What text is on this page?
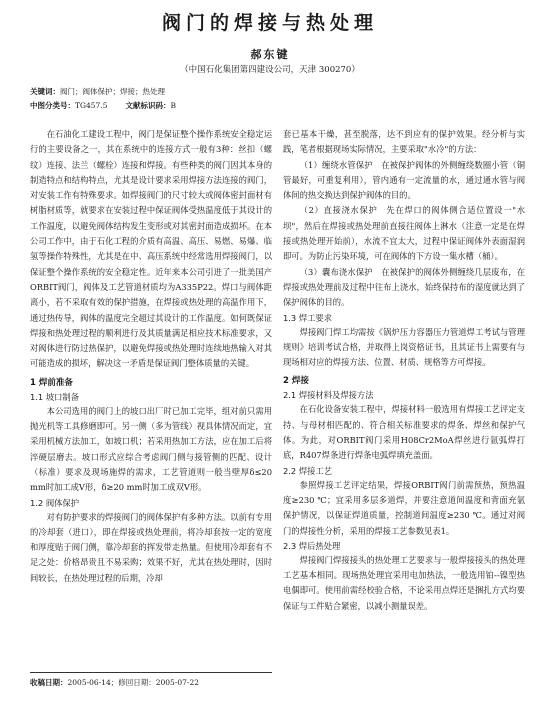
阀门的焊接与热处理
郝东键
（中国石化集团第四建设公司，天津 300270）
关键词：阀门；阀体保护；焊接；热处理
中图分类号：TG457.5 文献标识码：B

在石油化工建设工程中，阀门是保证整个操作系统安全稳定运行的主要设备之一，其在系统中的连接方式一般有3种：丝扣（螺纹）连接、法兰（螺栓）连接和焊接。有些种类的阀门因其本身的制造特点和结构特点，尤其是设计要求采用焊接方法连接的阀门，对安装工作有特殊要求。如焊接阀门的尺寸较大或阀体密封面材有树脂材质等，就要求在安装过程中保证阀体受热温度低于其设计的工作温度，以避免阀体结构发生变形或对其密封面造成损坏。在本公司工作中，由于石化工程的介质有高温、高压、易燃、易爆、临氢等操作特殊性，尤其是在中、高压系统中经常选用焊接阀门，以保证整个操作系统的安全稳定性。近年来本公司引进了一批美国产ORBIT阀门，阀体及工艺管道材质均为A335P22。焊口与阀体距离小，若不采取有效的保护措施，在焊接或热处理的高温作用下，通过热传导，阀体的温度完全超过其设计的工作温度。如何既保证焊接和热处理过程的顺利进行及其质量满足相应技术标准要求，又对阀体进行防过热保护，以避免焊接或热处理时连续地热输入对其可能造成的损坏，解决这一矛盾是保证阀门整体质量的关键。

1 焊前准备
1.1 坡口制备

本公司选用的阀门上的坡口出厂时已加工完毕，组对前只需用抛光机等工具修磨即可。另一侧（多为管线）视具体情况而定，宜采用机械方法加工，如坡口机；若采用热加工方法，应在加工后将淬硬层磨去。坡口形式应综合考虑阀门侧与接管侧的匹配、设计（标准）要求及现场施焊的需求，工艺管道则一般当壁厚δ≤20 mm时加工成V形，δ≥20 mm时加工成双V形。

1.2 阀体保护

对有防护要求的焊接阀门的阀体保护有多种方法。以前有专用的冷却套（进口），即在焊接或热处理前，将冷却套按一定的宽度和厚度贴于阀门侧，靠冷却套的挥发带走热量。但使用冷却套有不足之处：价格昂贵且不易采购；效果不好，尤其在热处理时，因时间较长，在热处理过程的后期，冷却

套已基本干燥，甚至脱落，达不到应有的保护效果。经分析与实践，笔者根据现场实际情况，主要采取"水冷"的方法：

（1）缠绕水管保护　在被保护阀体的外侧缠绕数圈小管（铜管最好，可重复利用），管内通有一定流量的水，通过通水管与阀体间的热交换达到保护阀体的目的。

（2）直接浇水保护　先在焊口的阀体侧合适位置设一"水坝"，然后在焊接或热处理前直接往阀体上淋水（注意一定是在焊接或热处理开始前），水流不宜太大，过程中保证阀体外表面湿润即可。为防止污染环境，可在阀体的下方设一集水槽（桶）。

（3）囊布浇水保护　在被保护的阀体外侧缠绕几层废布，在焊接或热处理前及过程中往布上浇水，始终保持布的湿度就达到了保护阀体的目的。

1.3 焊工要求

焊接阀门焊工均需按《锅炉压力容器压力管道焊工考试与管理规则》培训考试合格，并取得上岗资格证书，且其证书上需要有与现场相对应的焊接方法、位置、材质、规格等方可焊接。

2 焊接
2.1 焊接材料及焊接方法

在石化设备安装工程中，焊接材料一般选用有焊接工艺评定支持、与母材相匹配的、符合相关标准要求的焊条、焊丝和保护气体。为此，对ORBIT阀门采用H08Cr2MoA焊丝进行氩弧焊打底，R407焊条进行焊条电弧焊填充盖面。

2.2 焊接工艺

参照焊接工艺评定结果，焊接ORBIT阀门前需预热，预热温度≥230 ℃；宜采用多层多道焊，并要注意道间温度和背面充氩保护情况，以保证焊道质量，控制道间温度≥230 ℃。通过对阀门的焊接性分析，采用的焊接工艺参数见表1。

2.3 焊后热处理

焊接阀门焊接接头的热处理工艺要求与一般焊接接头的热处理工艺基本相同。现场热处理宜采用电加热法，一般选用铂--镍型热电偶即可。使用前需经校验合格，不论采用点焊还是捆扎方式均要保证与工件贴合紧密，以减小测量误差。

收稿日期：2005-06-14；修回日期：2005-07-22
